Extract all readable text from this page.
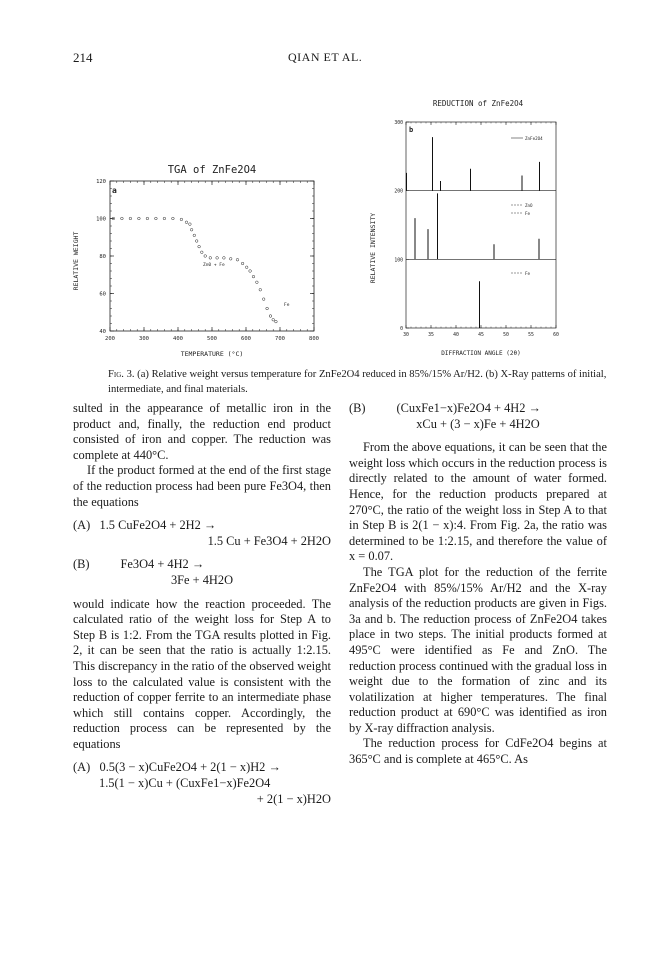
214	QIAN ET AL.
TGA of ZnFe2O4
200	300	400	500	600	700	800
40
60
80
100
120
a
Zn0 + Fe
Fe
TEMPERATURE (°C)
RELATIVE WEIGHT
REDUCTION of ZnFe2O4
30	35	40	45	50	55	60
0
100
200
300
b
ZnFe2O4
ZnO
Fe
Fe
DIFFRACTION ANGLE (2θ)
RELATIVE INTENSITY
Fig. 3. (a) Relative weight versus temperature for ZnFe2O4 reduced in 85%/15% Ar/H2. (b) X-Ray patterns of initial, intermediate, and final materials.

sulted in the appearance of metallic iron in the product and, finally, the reduction end product consisted of iron and copper. The reduction was complete at 440°C.

If the product formed at the end of the first stage of the reduction process had been pure Fe3O4, then the equations

(A)   1.5 CuFe2O4 + 2H2 →
1.5 Cu + Fe3O4 + 2H2O
(B)          Fe3O4 + 4H2 →
3Fe + 4H2O

would indicate how the reaction proceeded. The calculated ratio of the weight loss for Step A to Step B is 1:2. From the TGA results plotted in Fig. 2, it can be seen that the ratio is actually 1:2.15. This discrepancy in the ratio of the observed weight loss to the calculated value is consistent with the reduction of copper ferrite to an intermediate phase which still contains copper. Accordingly, the reduction process can be represented by the equations

(A)   0.5(3 − x)CuFe2O4 + 2(1 − x)H2 →
1.5(1 − x)Cu + (CuxFe1−x)Fe2O4
+ 2(1 − x)H2O
(B)          (CuxFe1−x)Fe2O4 + 4H2 →
xCu + (3 − x)Fe + 4H2O

From the above equations, it can be seen that the weight loss which occurs in the reduction process is directly related to the amount of water formed. Hence, for the reduction products prepared at 270°C, the ratio of the weight loss in Step A to that in Step B is 2(1 − x):4. From Fig. 2a, the ratio was determined to be 1:2.15, and therefore the value of x = 0.07.

The TGA plot for the reduction of the ferrite ZnFe2O4 with 85%/15% Ar/H2 and the X-ray analysis of the reduction products are given in Figs. 3a and b. The reduction process of ZnFe2O4 takes place in two steps. The initial products formed at 495°C were identified as Fe and ZnO. The reduction process continued with the gradual loss in weight due to the formation of zinc and its volatilization at higher temperatures. The final reduction product at 690°C was identified as iron by X-ray diffraction analysis.

The reduction process for CdFe2O4 begins at 365°C and is complete at 465°C. As
